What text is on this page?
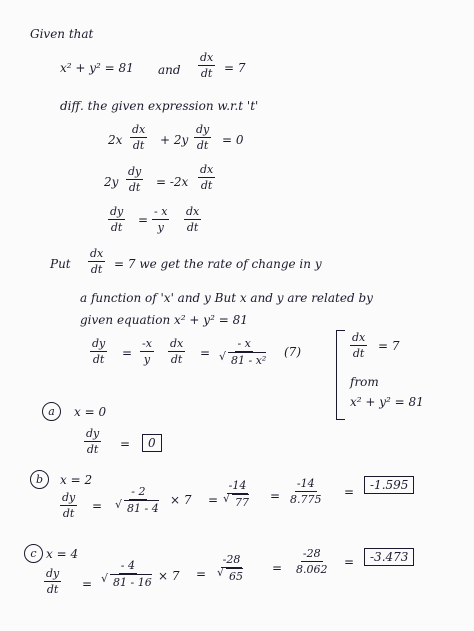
Given that
x² + y² = 81 and $\frac{dx}{dt} = 7$
diff. the given expression w.r.t 't'
$2x \frac{dx}{dt} + 2y \frac{dy}{dt} = 0$
$2y \frac{dy}{dt} = -2x \frac{dx}{dt}$
$\frac{dy}{dt} = \frac{- x}{y} \frac{dx}{dt}$
Put $\frac{dx}{dt} = 7$ we get the rate of change in y
a function of 'x' and y But x and y are related by
given equation x² + y² = 81
$\frac{dy}{dt} = \frac{-x}{y} \frac{dx}{dt}$ = - x
√ 81 - x² (7)	$\frac{dx}{dt} = 7$
from
x² + y² = 81
a	x = 0
$\frac{dy}{dt}$ =	0
b	x = 2
$\frac{dy}{dt}$ = - 2
√ 81 - 4 × 7 = -14
√ $77 = \frac{-14}{8.775}$ =	-1.595
c x = 4
$\frac{dy}{dt}$ = - 4
√ 81 - 16 × 7 = -28
√ $65 = \frac{-28}{8.062}$ =	-3.473
